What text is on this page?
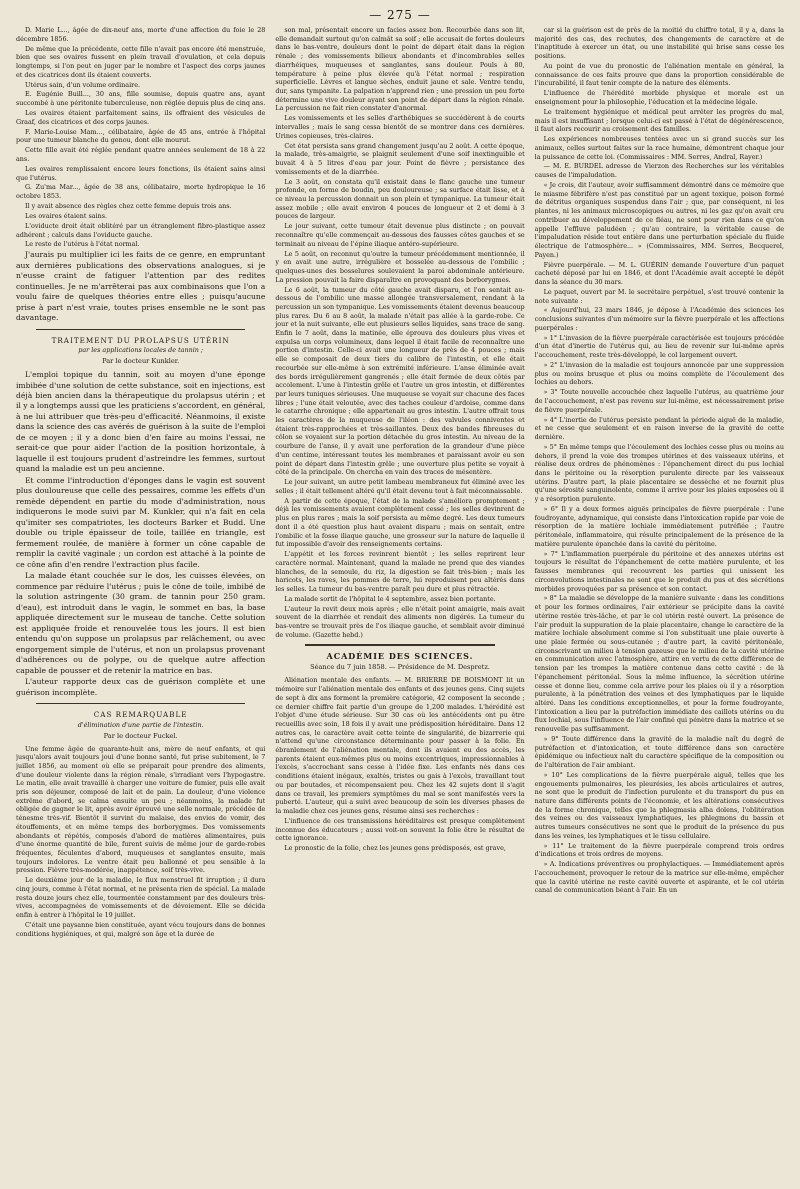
— 275 —

D. Marie L..., âgée de dix-neuf ans, morte d'une affection du foie le 28 décembre 1856.

De même que la précédente, cette fille n'avait pas encore été menstruée, bien que ses ovaires fussent en plein travail d'ovulation, et cela depuis longtemps, si l'on peut en juger par le nombre et l'aspect des corps jaunes et des cicatrices dont ils étaient couverts.

Utérus sain, d'un volume ordinaire.

E. Eugénie Buill..., 30 ans, fille soumise, depuis quatre ans, ayant succombé à une péritonite tuberculeuse, non réglée depuis plus de cinq ans.

Les ovaires étaient parfaitement sains, ils offraient des vésicules de Graaf, des cicatrices et des corps jaunes.

F. Marie-Louise Mam..., célibataire, âgée de 45 ans, entrée à l'hôpital pour une tumeur blanche du genou, dont elle mourut.

Cette fille avait été réglée pendant quatre années seulement de 18 à 22 ans.

Les ovaires remplissaient encore leurs fonctions, ils étaient sains ainsi que l'utérus.

G. Zu'ma Mar..., âgée de 38 ans, célibataire, morte hydropique le 16 octobre 1853.

Il y avait absence des règles chez cette femme depuis trois ans.

Les ovaires étaient sains.

L'oviducte droit était oblitéré par un étranglement fibro-plastique assez adhérent ; calculs dans l'oviducte gauche.

Le reste de l'utérus à l'état normal.

J'aurais pu multiplier ici les faits de ce genre, en empruntant aux dernières publications des observations analogues, si je n'eusse craint de fatiguer l'attention par des redites continuelles. Je ne m'arrêterai pas aux combinaisons que l'on a voulu faire de quelques théories entre elles ; puisqu'aucune prise à part n'est vraie, toutes prises ensemble ne le sont pas davantage.

TRAITEMENT DU PROLAPSUS UTÉRIN
par les applications locales de tannin ;
Par le docteur Kunkler.

L'emploi topique du tannin, soit au moyen d'une éponge imbibée d'une solution de cette substance, soit en injections, est déjà bien ancien dans la thérapeutique du prolapsus utérin ; et il y a longtemps aussi que les praticiens s'accordent, en général, à ne lui attribuer que très-peu d'efficacité. Néanmoins, il existe dans la science des cas avérés de guérison à la suite de l'emploi de ce moyen ; il y a donc bien d'en faire au moins l'essai, ne serait-ce que pour aider l'action de la position horizontale, à laquelle il est toujours prudent d'astreindre les femmes, surtout quand la maladie est un peu ancienne.

Et comme l'introduction d'éponges dans le vagin est souvent plus douloureuse que celle des pessaires, comme les effets d'un remède dépendent en partie du mode d'administration, nous indiquerons le mode suivi par M. Kunkler, qui n'a fait en cela qu'imiter ses compatriotes, les docteurs Barker et Budd. Une double ou triple épaisseur de toile, taillée en triangle, est fermement roulée, de manière à former un cône capable de remplir la cavité vaginale ; un cordon est attaché à la pointe de ce cône afin d'en rendre l'extraction plus facile.

La malade étant couchée sur le dos, les cuisses élevées, on commence par réduire l'utérus ; puis le cône de toile, imbibé de la solution astringente (30 gram. de tannin pour 250 gram. d'eau), est introduit dans le vagin, le sommet en bas, la base appliquée directement sur le museau de tanche. Cette solution est appliquée froide et renouvelée tous les jours. Il est bien entendu qu'on suppose un prolapsus par relâchement, ou avec engorgement simple de l'utérus, et non un prolapsus provenant d'adhérences ou de polype, ou de quelque autre affection capable de pousser et de retenir la matrice en bas.

L'auteur rapporte deux cas de guérison complète et une guérison incomplète.

CAS REMARQUABLE
d'élimination d'une partie de l'intestin.
Par le docteur Fuckel.

Une femme âgée de quarante-huit ans, mère de neuf enfants, et qui jusqu'alors avait toujours joui d'une bonne santé, fut prise subitement, le 7 juillet 1856, au moment où elle se préparait pour prendre des aliments, d'une douleur violente dans la région rénale, s'irradiant vers l'hypogastre. Le matin, elle avait travaillé à charger une voiture de fumier, puis elle avait pris son déjeuner, composé de lait et de pain. La douleur, d'une violence extrême d'abord, se calma ensuite un peu ; néanmoins, la malade fut obligée de gagner le lit, après avoir éprouvé une selle normale, précédée de ténesme très-vif. Bientôt il survint du malaise, des envies de vomir, des étouffements, et en même temps des borborygmes. Des vomissements abondants et répétés, composés d'abord de matières alimentaires, puis d'une énorme quantité de bile, furent suivis de même jour de garde-robes fréquentes, féculentes d'abord, muqueuses et sanglantes ensuite, mais toujours indolores. Le ventre était peu ballonné et peu sensible à la pression. Fièvre très-modérée, inappétence, soif très-vive.

Le deuxième jour de la maladie, le flux menstruel fit irruption ; il dura cinq jours, comme à l'état normal, et ne présenta rien de spécial. La malade resta douze jours chez elle, tourmentée constamment par des douleurs très-vives, accompagnées de vomissements et de dévoiement. Elle se décida enfin à entrer à l'hôpital le 19 juillet.

C'était une paysanne bien constituée, ayant vécu toujours dans de bonnes conditions hygiéniques, et qui, malgré son âge et la durée de

son mal, présentait encore un facies assez bon. Recourbée dans son lit, elle demandait surtout qu'on calmât sa soif ; elle accusait de fortes douleurs dans le bas-ventre, douleurs dont le point de départ était dans la région rénale ; des vomissements bilieux abondants et d'incombrables selles diarrhéiques, muqueuses et sanglantes, sans douleur. Pouls à 80, température à peine plus élevée qu'à l'état normal ; respiration superficielle. Lèvres et langue sèches, enduit jaune et sale. Ventre tendu, dur, sans tympanite. La palpation n'apprend rien ; une pression un peu forte détermine une vive douleur ayant son point de départ dans la région rénale. La percussion ne fait rien constater d'anormal.

Les vomissements et les selles d'arthébiques se succédèrent à de courts intervalles ; mais le sang cessa bientôt de se montrer dans ces dernières. Urines copieuses, très-claires.

Cet état persista sans grand changement jusqu'au 2 août. A cette époque, la malade, très-amaigrie, se plaignit seulement d'une soif inextinguible et buvait 4 à 5 litres d'eau par jour. Point de fièvre ; persistance des vomissements et de la diarrhée.

Le 3 août, on constata qu'il existait dans le flanc gauche une tumeur profonde, en forme de boudin, peu douloureuse ; sa surface était lisse, et à ce niveau la percussion donnait un son plein et tympanique. La tumeur était assez mobile ; elle avait environ 4 pouces de longueur et 2 et demi à 3 pouces de largeur.

Le jour suivant, cette tumeur était devenue plus distincte ; on pouvait reconnaître qu'elle commençait au-dessous des fausses côtes gauches et se terminait au niveau de l'épine iliaque antéro-supérieure.

Le 5 août, on reconnut qu'outre la tumeur précédemment mentionnée, il y en avait une autre, irrégulière et bosselée au-dessous de l'ombilic ; quelques-unes des bosselures soulevaient la paroi abdominale antérieure. La pression pouvait la faire disparaître en provoquant des borborygmes.

Le 6 août, la tumeur du côté gauche avait disparu, et l'on sentait au-dessous de l'ombilic une masse allongée transversalement, rendant à la percussion un son tympanique. Les vomissements étaient devenus beaucoup plus rares. Du 6 au 8 août, la malade n'était pas allée à la garde-robe. Ce jour et la nuit suivante, elle eut plusieurs selles liquides, sans trace de sang. Enfin le 7 août, dans la matinée, elle éprouva des douleurs plus vives et expulsa un corps volumineux, dans lequel il était facile de reconnaître une portion d'intestin. Celle-ci avait une longueur de près de 4 pouces ; mais elle se composait de deux tiers du calibre de l'intestin, et elle était recourbée sur elle-même à son extrémité inférieure. L'anse éliminée avait des bords irrégulièrement gangrenés ; elle était fermée de deux côtés par accolement. L'une à l'intestin grêle et l'autre un gros intestin, et différentes par leurs tuniques sérieuses. Une muqueuse se voyait sur chacune des faces libres ; l'une était veloutée, avec des taches couleur d'ardoise, comme dans le catarrhe chronique ; elle appartenait au gros intestin. L'autre offrait tous les caractères de la muqueuse de l'iléon : des valvules conniventes et étaient très-rapprochées et très-saillantes. Deux des bandes fibreuses du côlon se voyaient sur la portion détachée du gros intestin. Au niveau de la courbure de l'anse, il y avait une perforation de la grandeur d'une pièce d'un centime, intéressant toutes les membranes et paraissant avoir eu son point de départ dans l'intestin grêle ; une ouverture plus petite se voyait à côté de la principale. On chercha en vain des traces de mésentère.

Le jour suivant, un autre petit lambeau membraneux fut éliminé avec les selles ; il était tellement altéré qu'il était devenu tout à fait méconnaissable.

A partir de cette époque, l'état de la malade s'améliora promptement ; déjà les vomissements avaient complètement cessé ; les selles devinrent de plus en plus rares ; mais la soif persista au même degré. Les deux tumeurs dont il a été question plus haut avaient disparu ; mais on sentait, entre l'ombilic et la fosse iliaque gauche, une grosseur sur la nature de laquelle il fut impossible d'avoir des renseignements certains.

L'appétit et les forces revinrent bientôt ; les selles reprirent leur caractère normal. Maintenant, quand la malade ne prend que des viandes blanches, de la semoule, du riz, la digestion se fait très-bien ; mais les haricots, les raves, les pommes de terre, lui reproduisent peu altérés dans les selles. La tumeur du bas-ventre paraît peu dure et plus rétractée.

La malade sortit de l'hôpital le 4 septembre, assez bien portante.

L'auteur la revit deux mois après ; elle n'était point amaigrie, mais avait souvent de la diarrhée et rendait des aliments non digérés. La tumeur du bas-ventre se trouvait près de l'os iliaque gauche, et semblait avoir diminué de volume. (Gazette hebd.)

ACADÉMIE DES SCIENCES.
Séance du 7 juin 1858. — Présidence de M. Despretz.

Aliénation mentale des enfants. — M. BRIERRE DE BOISMONT lit un mémoire sur l'aliénation mentale des enfants et des jeunes gens. Cinq sujets de sept à dix ans forment la première catégorie, 42 composent la seconde ; ce dernier chiffre fait partie d'un groupe de 1,200 malades. L'hérédité est l'objet d'une étude sérieuse. Sur 30 cas où les antécédents ont pu être recueillis avec soin, 18 fois il y avait une prédisposition héréditaire. Dans 12 autres cas, le caractère avait cette teinte de singularité, de bizarrerie qui n'attend qu'une circonstance déterminante pour passer à la folie. En ébranlement de l'aliénation mentale, dont ils avaient eu des accès, les parents étaient eux-mêmes plus ou moins excentriques, impressionnables à l'excès, s'accrochant sans cesse à l'idée fixe. Les enfants nés dans ces conditions étaient inégaux, exaltés, tristes ou gais à l'excès, travaillant tout ou par boutades, et récompensaient peu. Chez les 42 sujets dont il s'agit dans ce travail, les premiers symptômes du mal se sont manifestés vers la puberté. L'auteur, qui a suivi avec beaucoup de soin les diverses phases de la maladie chez ces jeunes gens, résume ainsi ses recherches :

L'influence de ces transmissions héréditaires est presque complètement inconnue des éducateurs ; aussi voit-on souvent la folie être le résultat de cette ignorance.

Le pronostic de la folie, chez les jeunes gens prédisposés, est grave,

car si la guérison est de près de la moitié du chiffre total, il y a, dans la majorité des cas, des rechutes, des changements de caractère et de l'inaptitude à exercer un état, ou une instabilité qui brise sans cesse les positions.

Au point de vue du pronostic de l'aliénation mentale en général, la connaissance de ces faits prouve que dans la proportion considérable de l'incurabilité, il faut tenir compte de la nature des éléments.

L'influence de l'hérédité morbide physique et morale est un enseignement pour la philosophie, l'éducation et la médecine légale.

Le traitement hygiénique et médical peut arrêter les progrès du mal, mais il est insuffisant ; lorsque celui-ci est passé à l'état de dégénérescence, il faut alors recourir au croisement des familles.

Les expériences nombreuses tentées avec un si grand succès sur les animaux, celles surtout faites sur la race humaine, démontrent chaque jour la puissance de cette loi. (Commissaires : MM. Serres, Andral, Rayer.)

— M. E. BURDEL adresse de Vierzon des Recherches sur les véritables causes de l'impaludation.

« Je crois, dit l'auteur, avoir suffisamment démontré dans ce mémoire que le miasme fébrifère n'est pas constitué par un agent toxique, poison formé de détritus organiques suspendus dans l'air ; que, par conséquent, ni les plantes, ni les animaux microscopiques ou autres, ni les gaz qu'on avait cru contribuer au développement de ce fléau, ne sont pour rien dans ce qu'on appelle l'effluve paludéen ; qu'au contraire, la véritable cause de l'impaludation réside tout entière dans une perturbation spéciale du fluide électrique de l'atmosphère... » (Commissaires, MM. Serres, Becquerel, Payen.)

Fièvre puerpérale. — M. L. GUÉRIN demande l'ouverture d'un paquet cacheté déposé par lui en 1846, et dont l'Académie avait accepté le dépôt dans la séance du 30 mars.

Le paquet, ouvert par M. le secrétaire perpétuel, s'est trouvé contenir la note suivante :

« Aujourd'hui, 23 mars 1846, je dépose à l'Académie des sciences les conclusions suivantes d'un mémoire sur la fièvre puerpérale et les affections puerpérales :

» 1° L'invasion de la fièvre puerpérale caractérisée est toujours précédée d'un état d'inertie de l'utérus qui, au lieu de revenir sur lui-même après l'accouchement, reste très-développé, le col largement ouvert.

» 2° L'invasion de la maladie est toujours annoncée par une suppression plus ou moins brusque et plus ou moins complète de l'écoulement des lochies au dehors.

» 3° Toute nouvelle accouchée chez laquelle l'utérus, au quatrième jour de l'accouchement, n'est pas revenu sur lui-même, est nécessairement prise de fièvre puerpérale.

» 4° L'inertie de l'utérus persiste pendant la période aiguë de la maladie, et ne cesse que seulement et en raison inverse de la gravité de cette dernière.

» 5° En même temps que l'écoulement des lochies cesse plus ou moins au dehors, il prend la voie des trompes utérines et des vaisseaux utérins, et réalise deux ordres de phénomènes : l'épanchement direct du pus lochial dans le péritoine ou la résorption purulente directe par les vaisseaux utérins. D'autre part, la plaie placentaire se dessèche et ne fournit plus qu'une sérosité sanguinolente, comme il arrive pour les plaies exposées où il y a résorption purulente.

» 6° Il y a deux formes aiguës principales de fièvre puerpérale : l'une foudroyante, adynamique, qui consiste dans l'intoxication rapide par voie de résorption de la matière lochiale immédiatement putréfiée ; l'autre péritonéale, inflammatoire, qui résulte principalement de la présence de la matière purulente épanchée dans la cavité du péritoine.

» 7° L'inflammation puerpérale du péritoine et des annexes utérins est toujours le résultat de l'épanchement de cette matière purulente, et les fausses membranes qui recouvrent les parties qui unissent les circonvolutions intestinales ne sont que le produit du pus et des sécrétions morbides provoquées par sa présence et son contact.

» 8° La maladie se développe de la manière suivante : dans les conditions et pour les formes ordinaires, l'air extérieur se précipite dans la cavité utérine restée très-lâche, et par le col utérin resté ouvert. La présence de l'air produit la suppuration de la plaie placentaire, change le caractère de la matière lochiale absolument comme si l'on substituait une plaie ouverte à une plaie fermée ou sous-cutanée ; d'autre part, la cavité péritonéale, circonscrivant un milieu à tension gazeuse que le milieu de la cavité utérine en communication avec l'atmosphère, attire en vertu de cette différence de tension par les trompes la matière contenue dans cette cavité : de là l'épanchement péritonéal. Sous la même influence, la sécrétion utérine cesse et donne lieu, comme cela arrive pour les plaies où il y a résorption purulente, à la pénétration des veines et des lymphatiques par le liquide altéré. Dans les conditions exceptionnelles, et pour la forme foudroyante, l'intoxication a lieu par la putréfaction immédiate des caillots utérins ou du flux lochial, sous l'influence de l'air confiné qui pénètre dans la matrice et se renouvelle pas suffisamment.

» 9° Toute différence dans la gravité de la maladie naît du degré de putréfaction et d'intoxication, et toute différence dans son caractère épidémique ou infectieux naît du caractère spécifique de la composition ou de l'altération de l'air ambiant.

» 10° Les complications de la fièvre puerpérale aiguë, telles que les engouements pulmonaires, les pleurésies, les abcès articulaires et autres, ne sont que le produit de l'infection purulente et du transport du pus en nature dans différents points de l'économie, et les altérations consécutives de la forme chronique, telles que la phlegmasia alba dolens, l'oblitération des veines ou des vaisseaux lymphatiques, les phlegmons du bassin et autres tumeurs consécutives ne sont que le produit de la présence du pus dans les veines, les lymphatiques et le tissu cellulaire.

» 11° Le traitement de la fièvre puerpérale comprend trois ordres d'indications et trois ordres de moyens.

» A. Indications préventives ou prophylactiques. — Immédiatement après l'accouchement, provoquer le retour de la matrice sur elle-même, empêcher que la cavité utérine ne reste cavité ouverte et aspirante, et le col utérin canal de communication béant à l'air. En un
